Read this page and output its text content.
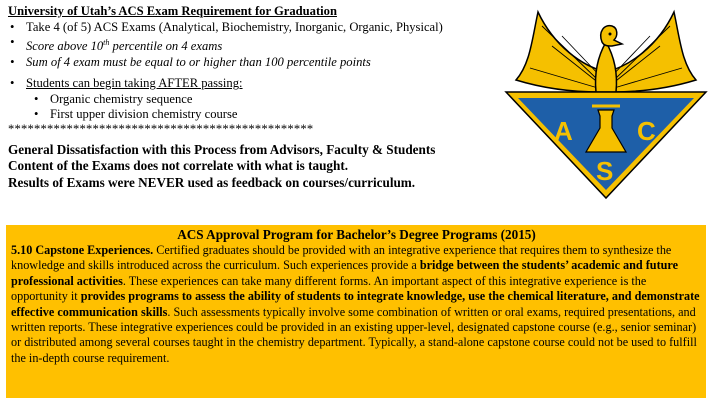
University of Utah’s ACS Exam Requirement for Graduation
• Take 4 (of 5) ACS Exams (Analytical, Biochemistry, Inorganic, Organic, Physical)
• Score above 10th percentile on 4 exams
• Sum of 4 exam must be equal to or higher than 100 percentile points
• Students can begin taking AFTER passing:
• Organic chemistry sequence
• First upper division chemistry course
***********************************************
General Dissatisfaction with this Process from Advisors, Faculty & Students
Content of the Exams does not correlate with what is taught.
Results of Exams were NEVER used as feedback on courses/curriculum.
A C
S
ACS Approval Program for Bachelor’s Degree Programs (2015)
5.10 Capstone Experiences. Certified graduates should be provided with an integrative experience that requires them to synthesize the knowledge and skills introduced across the curriculum. Such experiences provide a bridge between the students’ academic and future professional activities. These experiences can take many different forms. An important aspect of this integrative experience is the opportunity it provides programs to assess the ability of students to integrate knowledge, use the chemical literature, and demonstrate effective communication skills. Such assessments typically involve some combination of written or oral exams, required presentations, and written reports. These integrative experiences could be provided in an existing upper-level, designated capstone course (e.g., senior seminar) or distributed among several courses taught in the chemistry department. Typically, a stand-alone capstone course could not be used to fulfill the in-depth course requirement.
